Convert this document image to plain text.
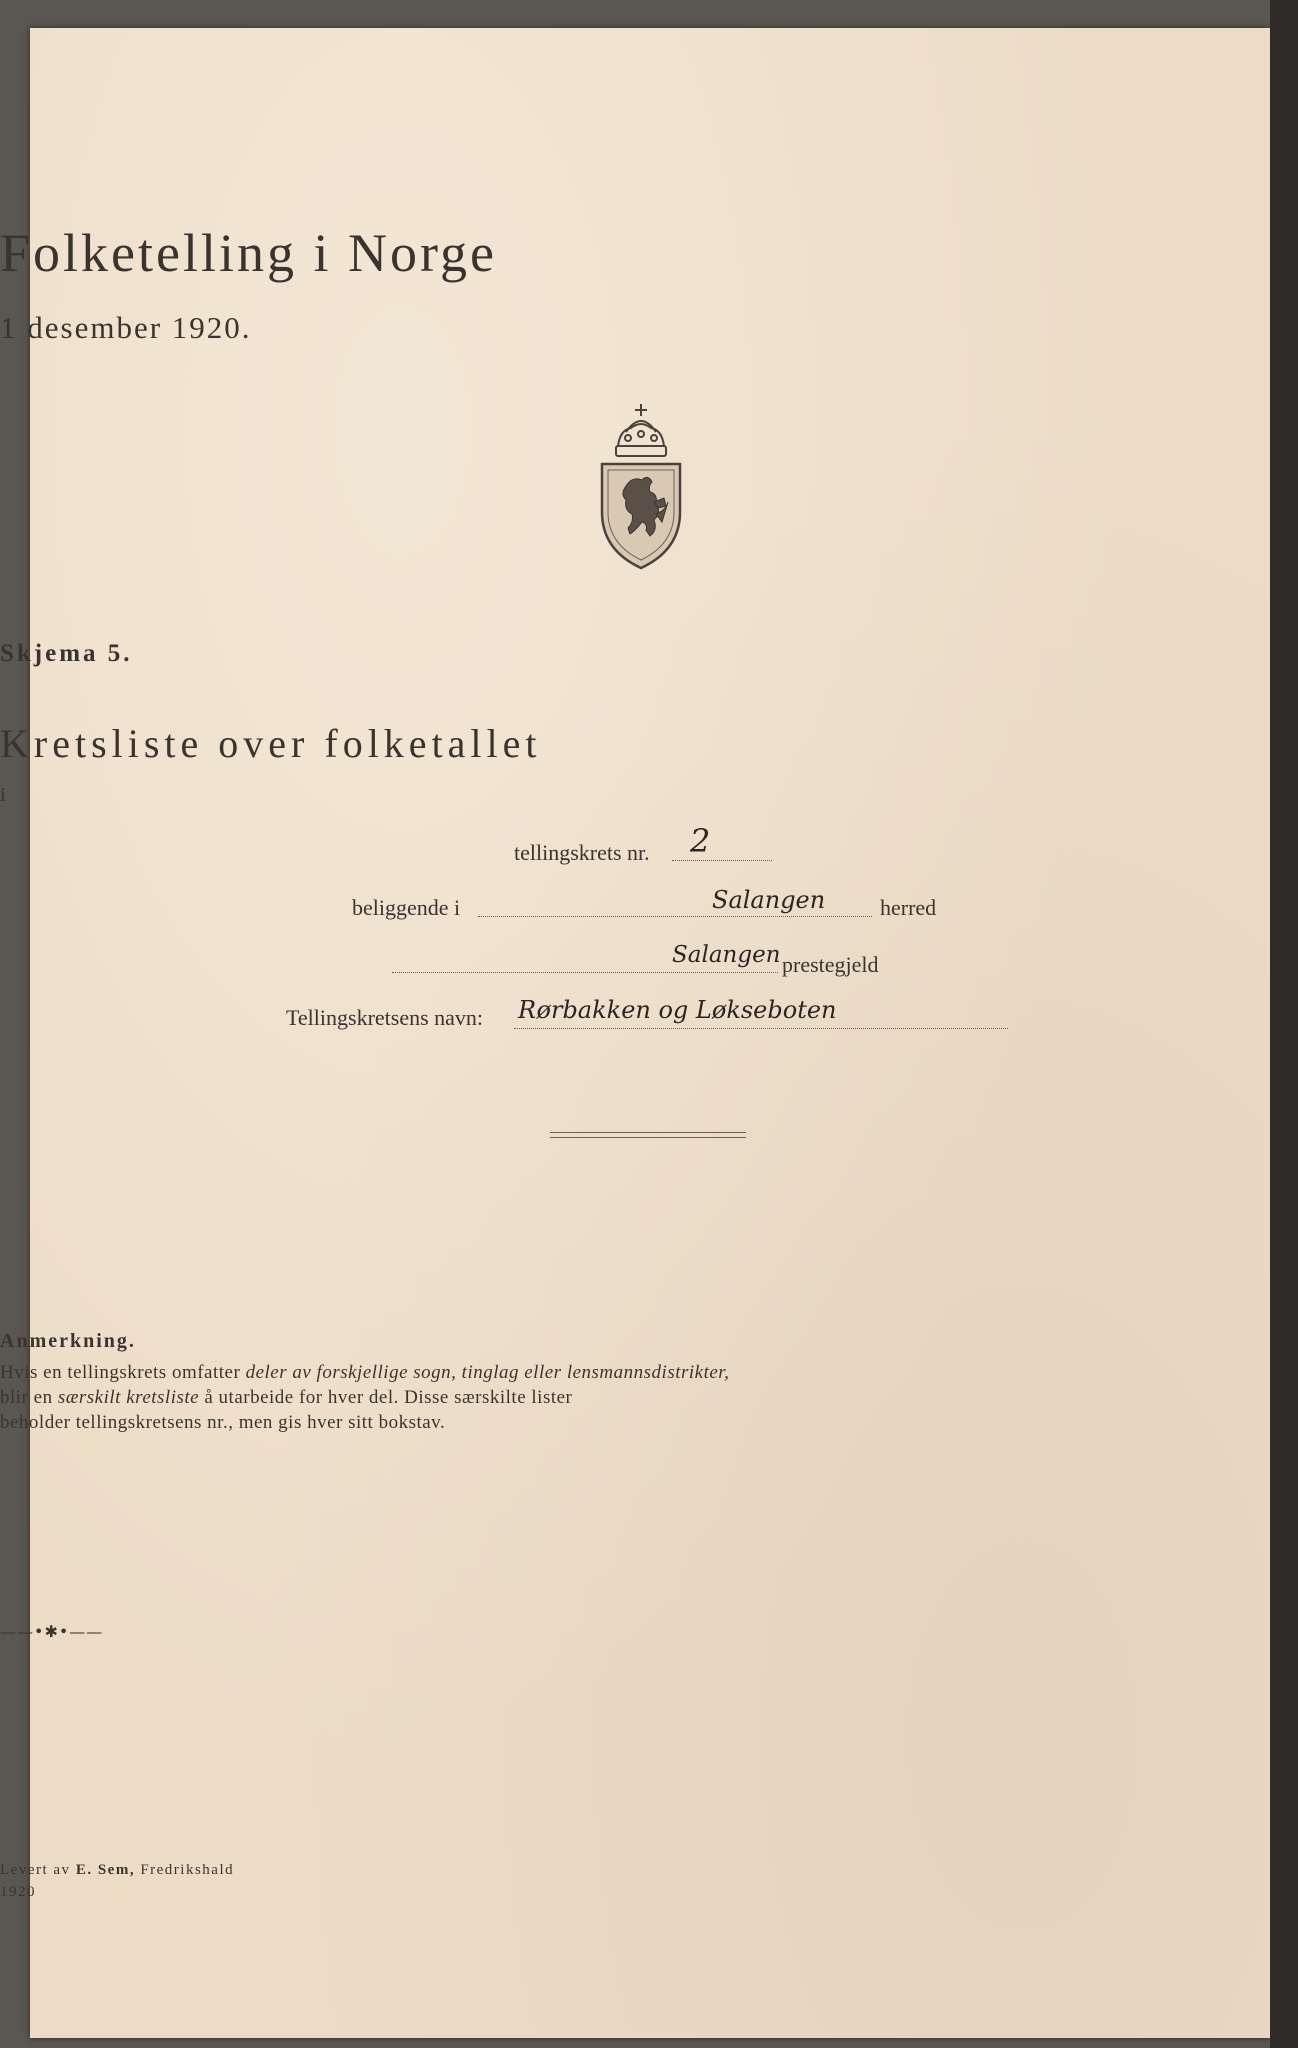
Folketelling i Norge
1 desember 1920.
Skjema 5.
Kretsliste over folketallet
i
tellingskrets nr. 2
beliggende i	Salangen herred
Salangen prestegjeld
Tellingskretsens navn: Rørbakken og Løkseboten
Anmerkning.
Hvis en tellingskrets omfatter deler av forskjellige sogn, tinglag eller lensmannsdistrikter,
blir en særskilt kretsliste å utarbeide for hver del. Disse særskilte lister
beholder tellingskretsens nr., men gis hver sitt bokstav.
——•✱•——
Levert av E. Sem, Fredrikshald
1920
